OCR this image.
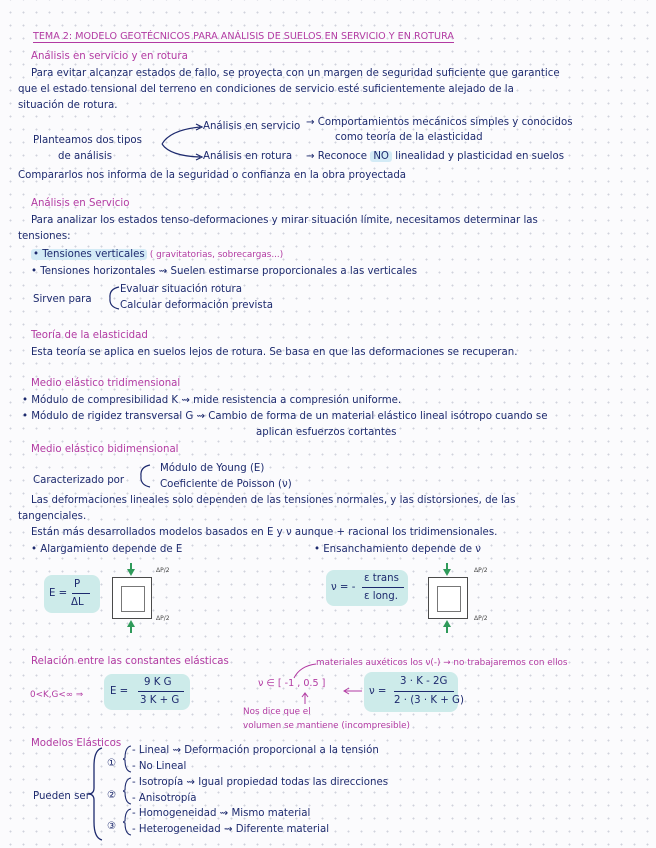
TEMA 2: MODELO GEOTÉCNICOS PARA ANÁLISIS DE SUELOS EN SERVICIO Y EN ROTURA
Análisis en servicio y en rotura
Para evitar alcanzar estados de fallo, se proyecta con un margen de seguridad suficiente que garantice
que el estado tensional del terreno en condiciones de servicio esté suficientemente alejado de la
situación de rotura.
Planteamos dos tipos
de análisis
Análisis en servicio → Comportamientos mecánicos simples y conocidos
como teoría de la elasticidad
Análisis en rotura → Reconoce NO linealidad y plasticidad en suelos
Compararlos nos informa de la seguridad o confianza en la obra proyectada
Análisis en Servicio
Para analizar los estados tenso-deformaciones y mirar situación límite, necesitamos determinar las
tensiones:
• Tensiones verticales ( gravitatorias, sobrecargas...)
• Tensiones horizontales ⇝ Suelen estimarse proporcionales a las verticales
Sirven para
Evaluar situación rotura
Calcular deformación prevista
Teoría de la elasticidad
Esta teoría se aplica en suelos lejos de rotura. Se basa en que las deformaciones se recuperan.
Medio elástico tridimensional
• Módulo de compresibilidad K ⇝ mide resistencia a compresión uniforme.
• Módulo de rigidez transversal G ⇝ Cambio de forma de un material elástico lineal isótropo cuando se
aplican esfuerzos cortantes
Medio elástico bidimensional
Caracterizado por
Módulo de Young (E)
Coeficiente de Poisson (ν)
Las deformaciones lineales solo dependen de las tensiones normales, y las distorsiones, de las
tangenciales.
Están más desarrollados modelos basados en E y ν aunque + racional los tridimensionales.
• Alargamiento depende de E	• Ensanchamiento depende de ν
E =
P
ΔL
ΔP/2
ΔP/2
ν = -
ε trans
ε long.
ΔP/2
ΔP/2
Relación entre las constantes elásticas	materiales auxéticos los ν(-) → no trabajaremos con ellos
0<K,G<∞ ⇒	E =
9 K G
3 K + G
ν ∈ [ -1 , 0.5 ]
Nos dice que el
volumen se mantiene (incompresible)
ν =
3 · K - 2G
2 · (3 · K + G)
Modelos Elásticos
Pueden ser
①
- Lineal ⇝ Deformación proporcional a la tensión
- No Lineal
②
- Isotropía ⇝ Igual propiedad todas las direcciones
- Anisotropía
③
- Homogeneidad ⇝ Mismo material
- Heterogeneidad ⇝ Diferente material
